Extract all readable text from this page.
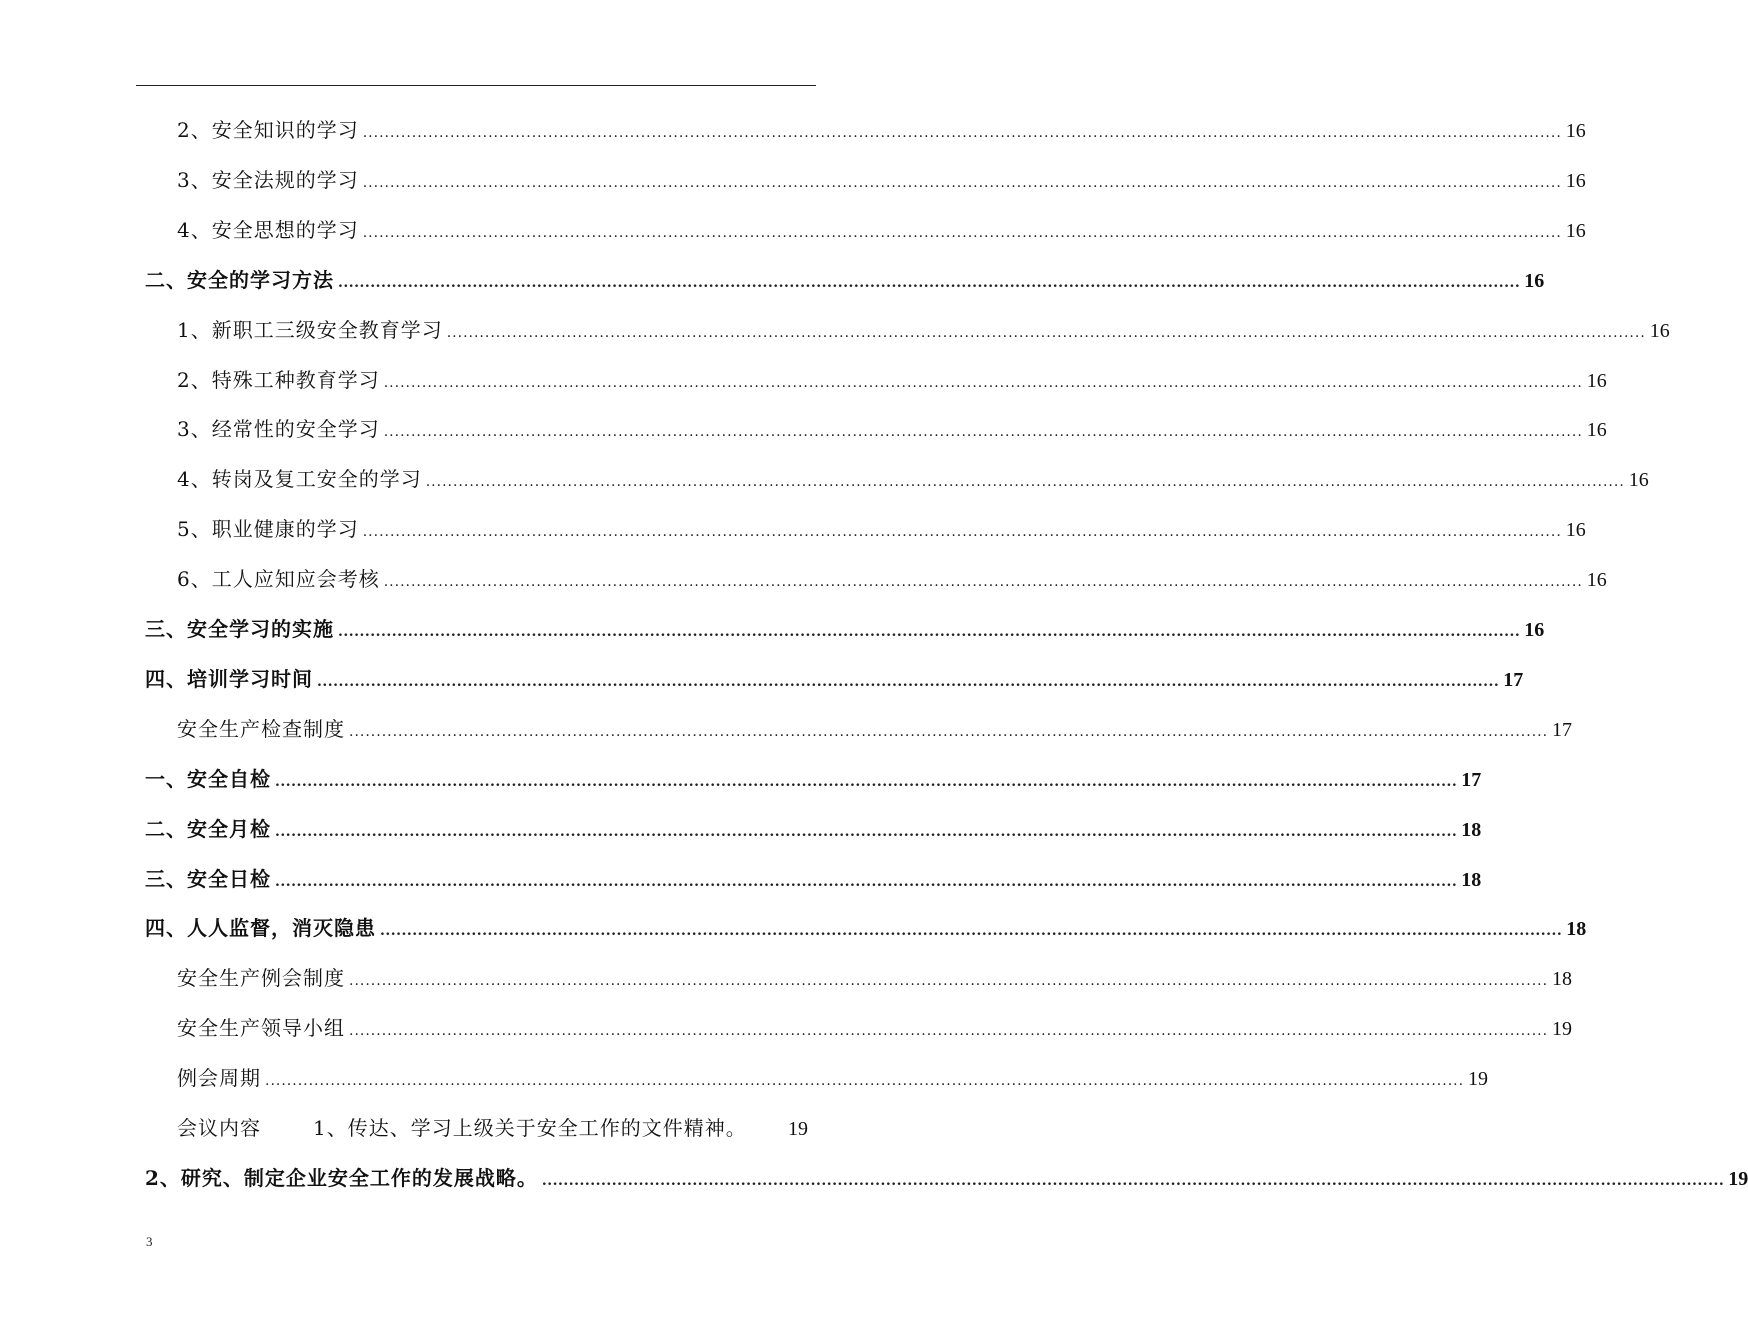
2、安全知识的学习 ............................................................................................................................................................................................................................ 16
3、安全法规的学习 ............................................................................................................................................................................................................................ 16
4、安全思想的学习 ............................................................................................................................................................................................................................ 16
二、安全的学习方法 ............................................................................................................................................................................................................................ 16
1、新职工三级安全教育学习 ............................................................................................................................................................................................................................ 16
2、特殊工种教育学习 ............................................................................................................................................................................................................................ 16
3、经常性的安全学习 ............................................................................................................................................................................................................................ 16
4、转岗及复工安全的学习 ............................................................................................................................................................................................................................ 16
5、职业健康的学习 ............................................................................................................................................................................................................................ 16
6、工人应知应会考核 ............................................................................................................................................................................................................................ 16
三、安全学习的实施 ............................................................................................................................................................................................................................ 16
四、培训学习时间 ............................................................................................................................................................................................................................ 17
安全生产检查制度 ............................................................................................................................................................................................................................ 17
一、安全自检 ............................................................................................................................................................................................................................ 17
二、安全月检 ............................................................................................................................................................................................................................ 18
三、安全日检 ............................................................................................................................................................................................................................ 18
四、人人监督，消灭隐患 ............................................................................................................................................................................................................................ 18
安全生产例会制度 ............................................................................................................................................................................................................................ 18
安全生产领导小组 ............................................................................................................................................................................................................................ 19
例会周期 ............................................................................................................................................................................................................................ 19
会议内容	1、传达、学习上级关于安全工作的文件精神。 19
2、研究、制定企业安全工作的发展战略。 ............................................................................................................................................................................................................................ 19
3
